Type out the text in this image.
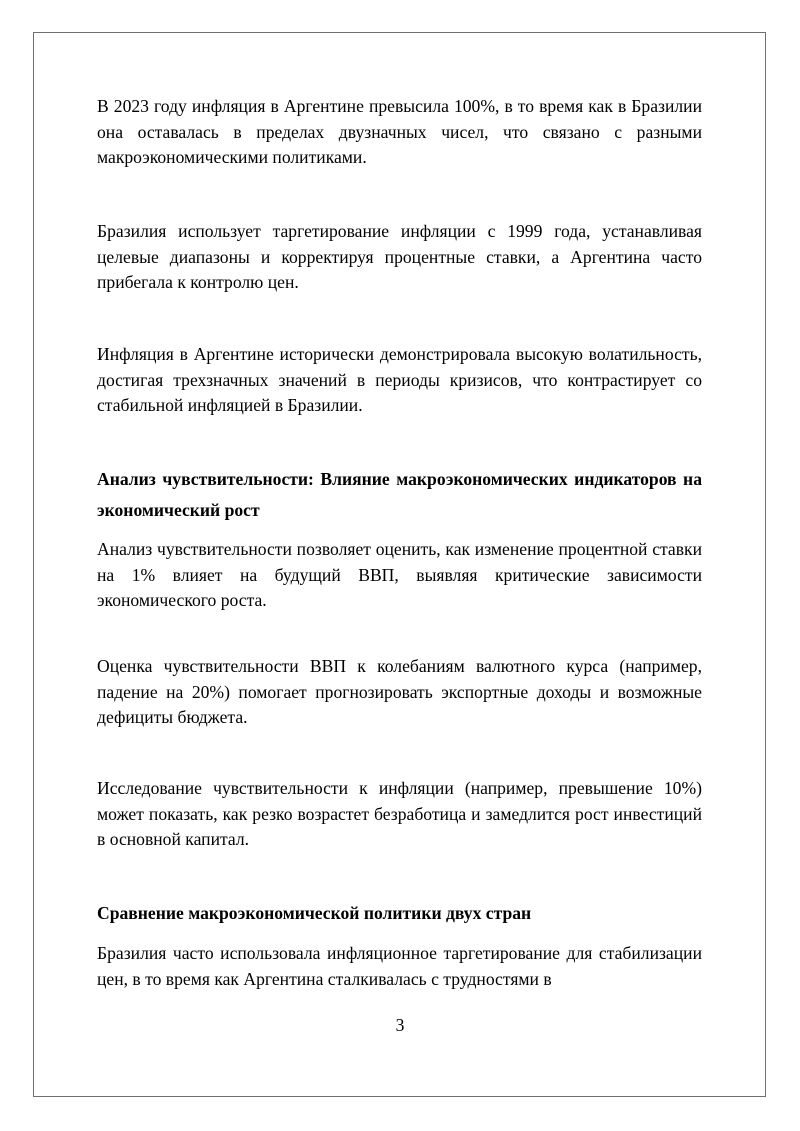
В 2023 году инфляция в Аргентине превысила 100%, в то время как в Бразилии она оставалась в пределах двузначных чисел, что связано с разными макроэкономическими политиками.

Бразилия использует таргетирование инфляции с 1999 года, устанавливая целевые диапазоны и корректируя процентные ставки, а Аргентина часто прибегала к контролю цен.

Инфляция в Аргентине исторически демонстрировала высокую волатильность, достигая трехзначных значений в периоды кризисов, что контрастирует со стабильной инфляцией в Бразилии.

Анализ чувствительности: Влияние макроэкономических индикаторов на экономический рост

Анализ чувствительности позволяет оценить, как изменение процентной ставки на 1% влияет на будущий ВВП, выявляя критические зависимости экономического роста.

Оценка чувствительности ВВП к колебаниям валютного курса (например, падение на 20%) помогает прогнозировать экспортные доходы и возможные дефициты бюджета.

Исследование чувствительности к инфляции (например, превышение 10%) может показать, как резко возрастет безработица и замедлится рост инвестиций в основной капитал.

Сравнение макроэкономической политики двух стран

Бразилия часто использовала инфляционное таргетирование для стабилизации цен, в то время как Аргентина сталкивалась с трудностями в

3
